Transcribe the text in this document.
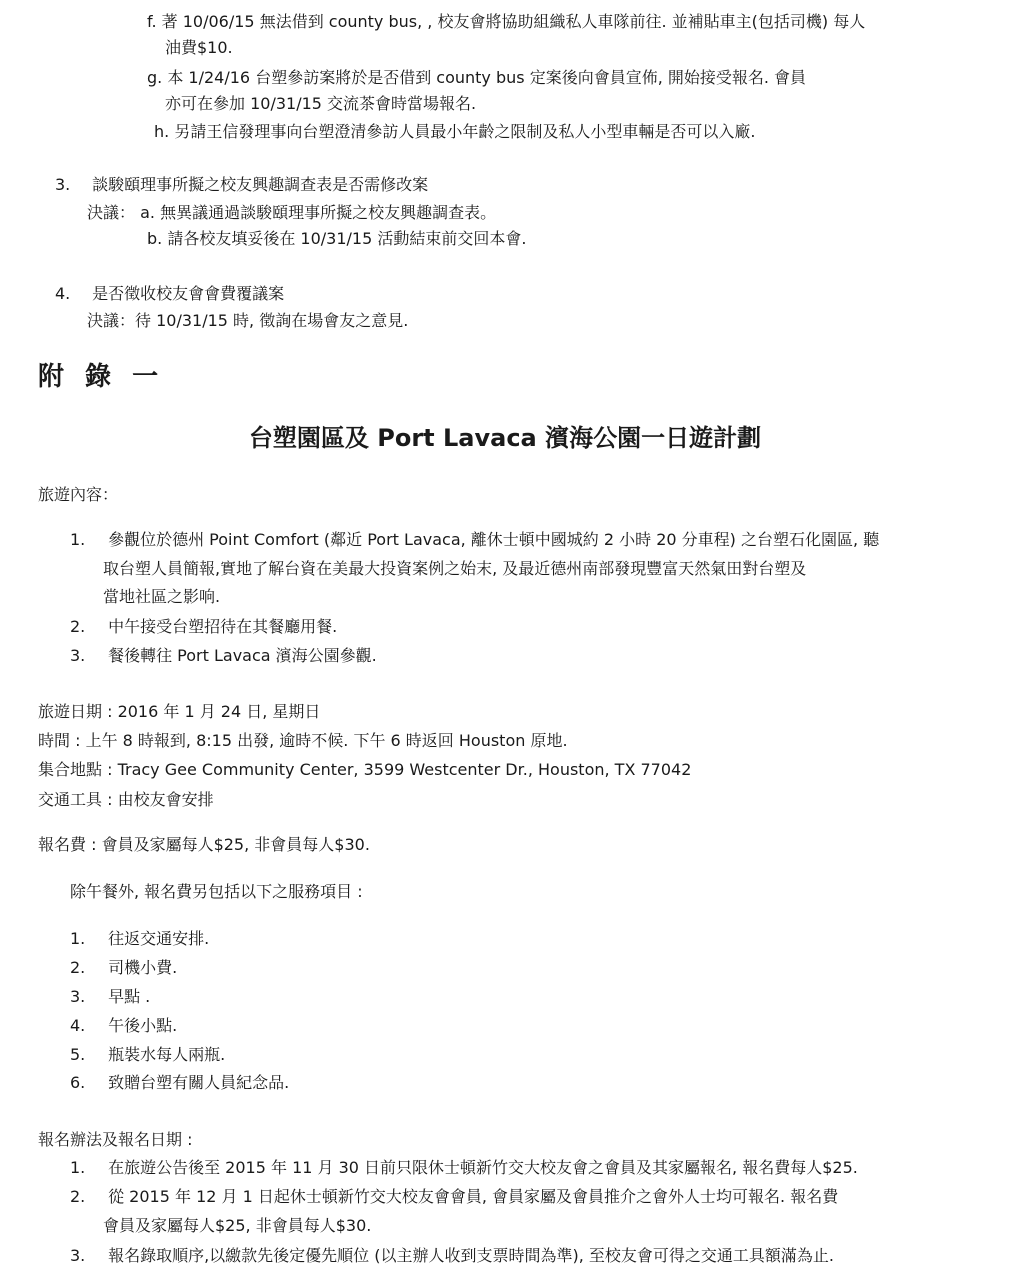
f. 著 10/06/15 無法借到 county bus, , 校友會將協助組織私人車隊前往. 並補貼車主(包括司機) 每人
油費$10.
g. 本 1/24/16 台塑參訪案將於是否借到 county bus 定案後向會員宣佈, 開始接受報名. 會員
亦可在參加 10/31/15 交流茶會時當場報名.
h. 另請王信發理事向台塑澄清參訪人員最小年齡之限制及私人小型車輛是否可以入廠.
3. 談駿頤理事所擬之校友興趣調查表是否需修改案
決議： a. 無異議通過談駿頤理事所擬之校友興趣調查表。
b. 請各校友填妥後在 10/31/15 活動結束前交回本會.
4. 是否徵收校友會會費覆議案
決議：待 10/31/15 時, 徵詢在場會友之意見.
附 錄 一
台塑園區及 Port Lavaca 濱海公園一日遊計劃
旅遊內容：
1. 參觀位於德州 Point Comfort (鄰近 Port Lavaca, 離休士頓中國城約 2 小時 20 分車程) 之台塑石化園區, 聽
取台塑人員簡報,實地了解台資在美最大投資案例之始末, 及最近德州南部發現豐富天然氣田對台塑及
當地社區之影响.
2. 中午接受台塑招待在其餐廳用餐.
3. 餐後轉往 Port Lavaca 濱海公園參觀.
旅遊日期 : 2016 年 1 月 24 日, 星期日
時間 : 上午 8 時報到, 8:15 出發, 逾時不候. 下午 6 時返回 Houston 原地.
集合地點 : Tracy Gee Community Center, 3599 Westcenter Dr., Houston, TX 77042
交通工具 : 由校友會安排
報名費 : 會員及家屬每人$25, 非會員每人$30.
除午餐外, 報名費另包括以下之服務項目 :
1. 往返交通安排.
2. 司機小費.
3. 早點 .
4. 午後小點.
5. 瓶裝水每人兩瓶.
6. 致贈台塑有關人員紀念品.
報名辦法及報名日期 :
1. 在旅遊公告後至 2015 年 11 月 30 日前只限休士頓新竹交大校友會之會員及其家屬報名, 報名費每人$25.
2. 從 2015 年 12 月 1 日起休士頓新竹交大校友會會員, 會員家屬及會員推介之會外人士均可報名. 報名費
會員及家屬每人$25, 非會員每人$30.
3. 報名錄取順序,以繳款先後定優先順位 (以主辦人收到支票時間為準), 至校友會可得之交通工具額滿為止.
